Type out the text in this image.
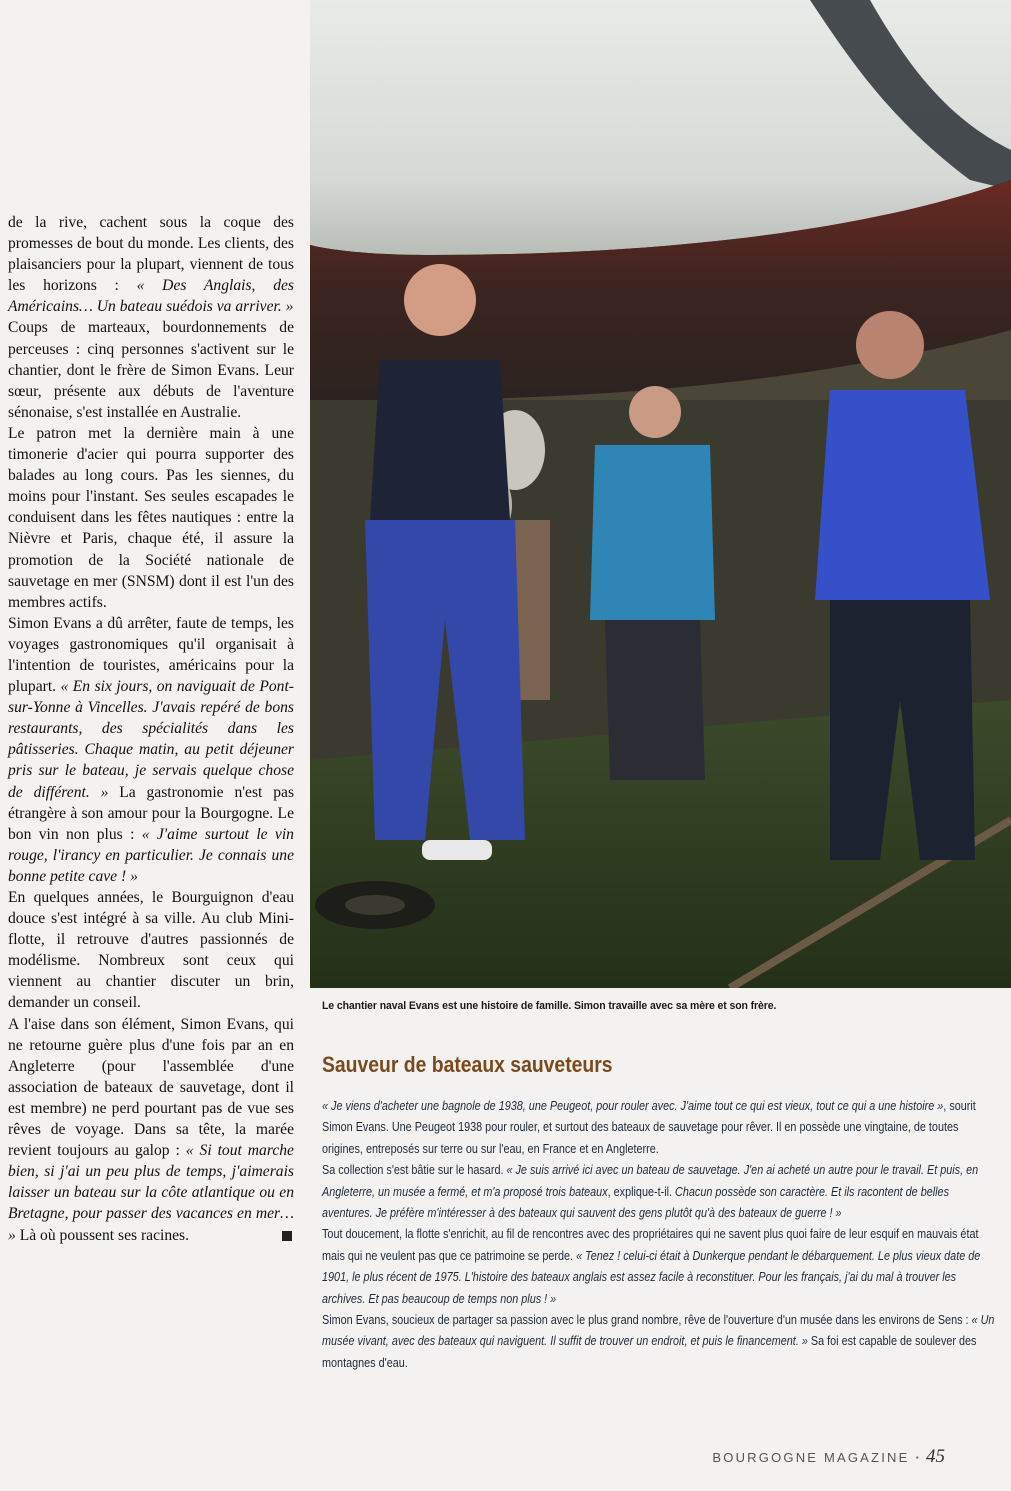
de la rive, cachent sous la coque des promesses de bout du monde. Les clients, des plaisanciers pour la plupart, viennent de tous les horizons : « Des Anglais, des Américains… Un bateau suédois va arriver. »

Coups de marteaux, bourdonnements de perceuses : cinq personnes s'activent sur le chantier, dont le frère de Simon Evans. Leur sœur, présente aux débuts de l'aventure sénonaise, s'est installée en Australie.

Le patron met la dernière main à une timonerie d'acier qui pourra supporter des balades au long cours. Pas les siennes, du moins pour l'instant. Ses seules escapades le conduisent dans les fêtes nautiques : entre la Nièvre et Paris, chaque été, il assure la promotion de la Société nationale de sauvetage en mer (SNSM) dont il est l'un des membres actifs.

Simon Evans a dû arrêter, faute de temps, les voyages gastronomiques qu'il organisait à l'intention de touristes, américains pour la plupart. « En six jours, on naviguait de Pont-sur-Yonne à Vincelles. J'avais repéré de bons restaurants, des spécialités dans les pâtisseries. Chaque matin, au petit déjeuner pris sur le bateau, je servais quelque chose de différent. » La gastronomie n'est pas étrangère à son amour pour la Bourgogne. Le bon vin non plus : « J'aime surtout le vin rouge, l'irancy en particulier. Je connais une bonne petite cave ! »

En quelques années, le Bourguignon d'eau douce s'est intégré à sa ville. Au club Mini-flotte, il retrouve d'autres passionnés de modélisme. Nombreux sont ceux qui viennent au chantier discuter un brin, demander un conseil.

A l'aise dans son élément, Simon Evans, qui ne retourne guère plus d'une fois par an en Angleterre (pour l'assemblée d'une association de bateaux de sauvetage, dont il est membre) ne perd pourtant pas de vue ses rêves de voyage. Dans sa tête, la marée revient toujours au galop : « Si tout marche bien, si j'ai un peu plus de temps, j'aimerais laisser un bateau sur la côte atlantique ou en Bretagne, pour passer des vacances en mer… » Là où poussent ses racines.

Le chantier naval Evans est une histoire de famille. Simon travaille avec sa mère et son frère.
Sauveur de bateaux sauveteurs

« Je viens d'acheter une bagnole de 1938, une Peugeot, pour rouler avec. J'aime tout ce qui est vieux, tout ce qui a une histoire », sourit Simon Evans. Une Peugeot 1938 pour rouler, et surtout des bateaux de sauvetage pour rêver. Il en possède une vingtaine, de toutes origines, entreposés sur terre ou sur l'eau, en France et en Angleterre.

Sa collection s'est bâtie sur le hasard. « Je suis arrivé ici avec un bateau de sauvetage. J'en ai acheté un autre pour le travail. Et puis, en Angleterre, un musée a fermé, et m'a proposé trois bateaux, explique-t-il. Chacun possède son caractère. Et ils racontent de belles aventures. Je préfère m'intéresser à des bateaux qui sauvent des gens plutôt qu'à des bateaux de guerre ! »

Tout doucement, la flotte s'enrichit, au fil de rencontres avec des propriétaires qui ne savent plus quoi faire de leur esquif en mauvais état mais qui ne veulent pas que ce patrimoine se perde. « Tenez ! celui-ci était à Dunkerque pendant le débarquement. Le plus vieux date de 1901, le plus récent de 1975. L'histoire des bateaux anglais est assez facile à reconstituer. Pour les français, j'ai du mal à trouver les archives. Et pas beaucoup de temps non plus ! »

Simon Evans, soucieux de partager sa passion avec le plus grand nombre, rêve de l'ouverture d'un musée dans les environs de Sens : « Un musée vivant, avec des bateaux qui naviguent. Il suffit de trouver un endroit, et puis le financement. » Sa foi est capable de soulever des montagnes d'eau.

BOURGOGNE MAGAZINE · 45
